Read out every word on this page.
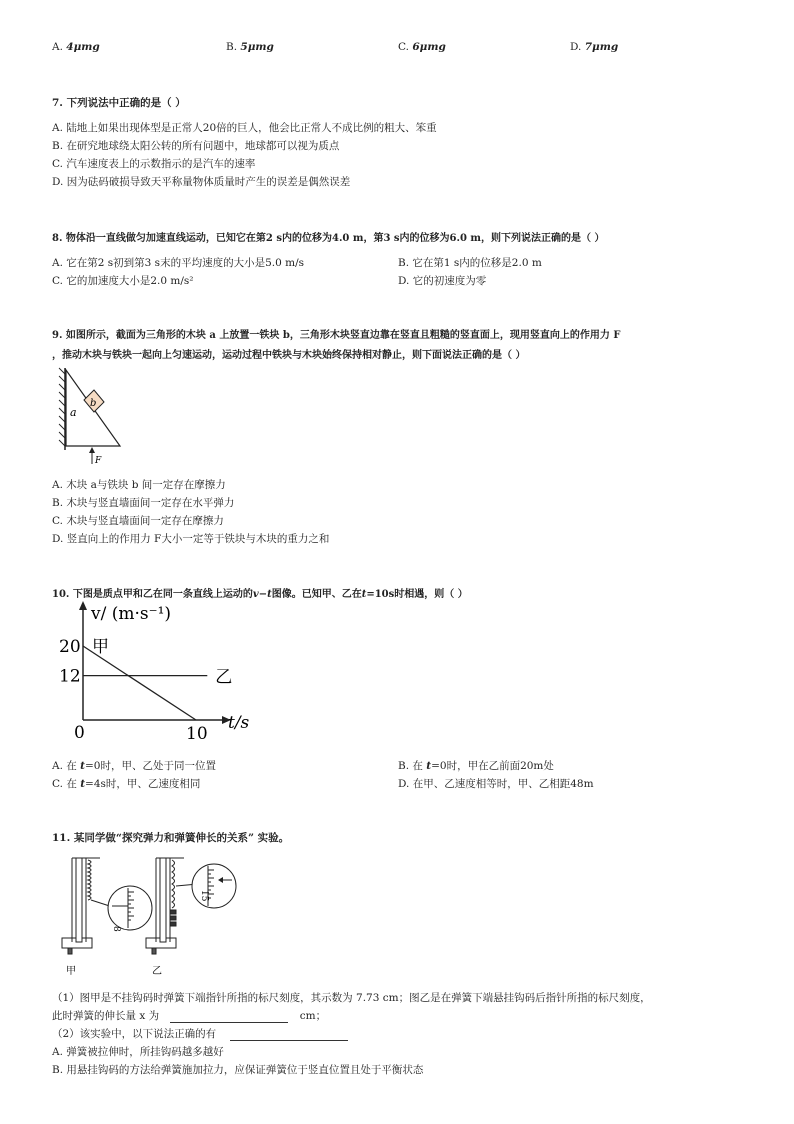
A. 4μmg	B. 5μmg	C. 6μmg	D. 7μmg
7. 下列说法中正确的是（ ）
A. 陆地上如果出现体型是正常人20倍的巨人，他会比正常人不成比例的粗大、笨重
B. 在研究地球绕太阳公转的所有问题中，地球都可以视为质点
C. 汽车速度表上的示数指示的是汽车的速率
D. 因为砝码破损导致天平称量物体质量时产生的误差是偶然误差
8. 物体沿一直线做匀加速直线运动，已知它在第2 s内的位移为4.0 m，第3 s内的位移为6.0 m，则下列说法正确的是（ ）
A. 它在第2 s初到第3 s末的平均速度的大小是5.0 m/s	B. 它在第1 s内的位移是2.0 m
C. 它的加速度大小是2.0 m/s²	D. 它的初速度为零
9. 如图所示，截面为三角形的木块 a 上放置一铁块 b，三角形木块竖直边靠在竖直且粗糙的竖直面上，现用竖直向上的作用力 F
，推动木块与铁块一起向上匀速运动，运动过程中铁块与木块始终保持相对静止，则下面说法正确的是（ ）
b
a
F
A. 木块 a与铁块 b 间一定存在摩擦力
B. 木块与竖直墙面间一定存在水平弹力
C. 木块与竖直墙面间一定存在摩擦力
D. 竖直向上的作用力 F大小一定等于铁块与木块的重力之和
10. 下图是质点甲和乙在同一条直线上运动的v−t图像。已知甲、乙在t=10s时相遇，则（ ）
v/ (m·s⁻¹)
t/s
0
20
12
10
甲
乙
A. 在 t=0时，甲、乙处于同一位置	B. 在 t=0时，甲在乙前面20m处
C. 在 t=4s时，甲、乙速度相同	D. 在甲、乙速度相等时，甲、乙相距48m
11. 某同学做“探究弹力和弹簧伸长的关系” 实验。
8
甲
15
乙
（1）图甲是不挂钩码时弹簧下端指针所指的标尺刻度，其示数为 7.73 cm；图乙是在弹簧下端悬挂钩码后指针所指的标尺刻度，
此时弹簧的伸长量 x 为	cm；
（2）该实验中，以下说法正确的有
A. 弹簧被拉伸时，所挂钩码越多越好
B. 用悬挂钩码的方法给弹簧施加拉力，应保证弹簧位于竖直位置且处于平衡状态
